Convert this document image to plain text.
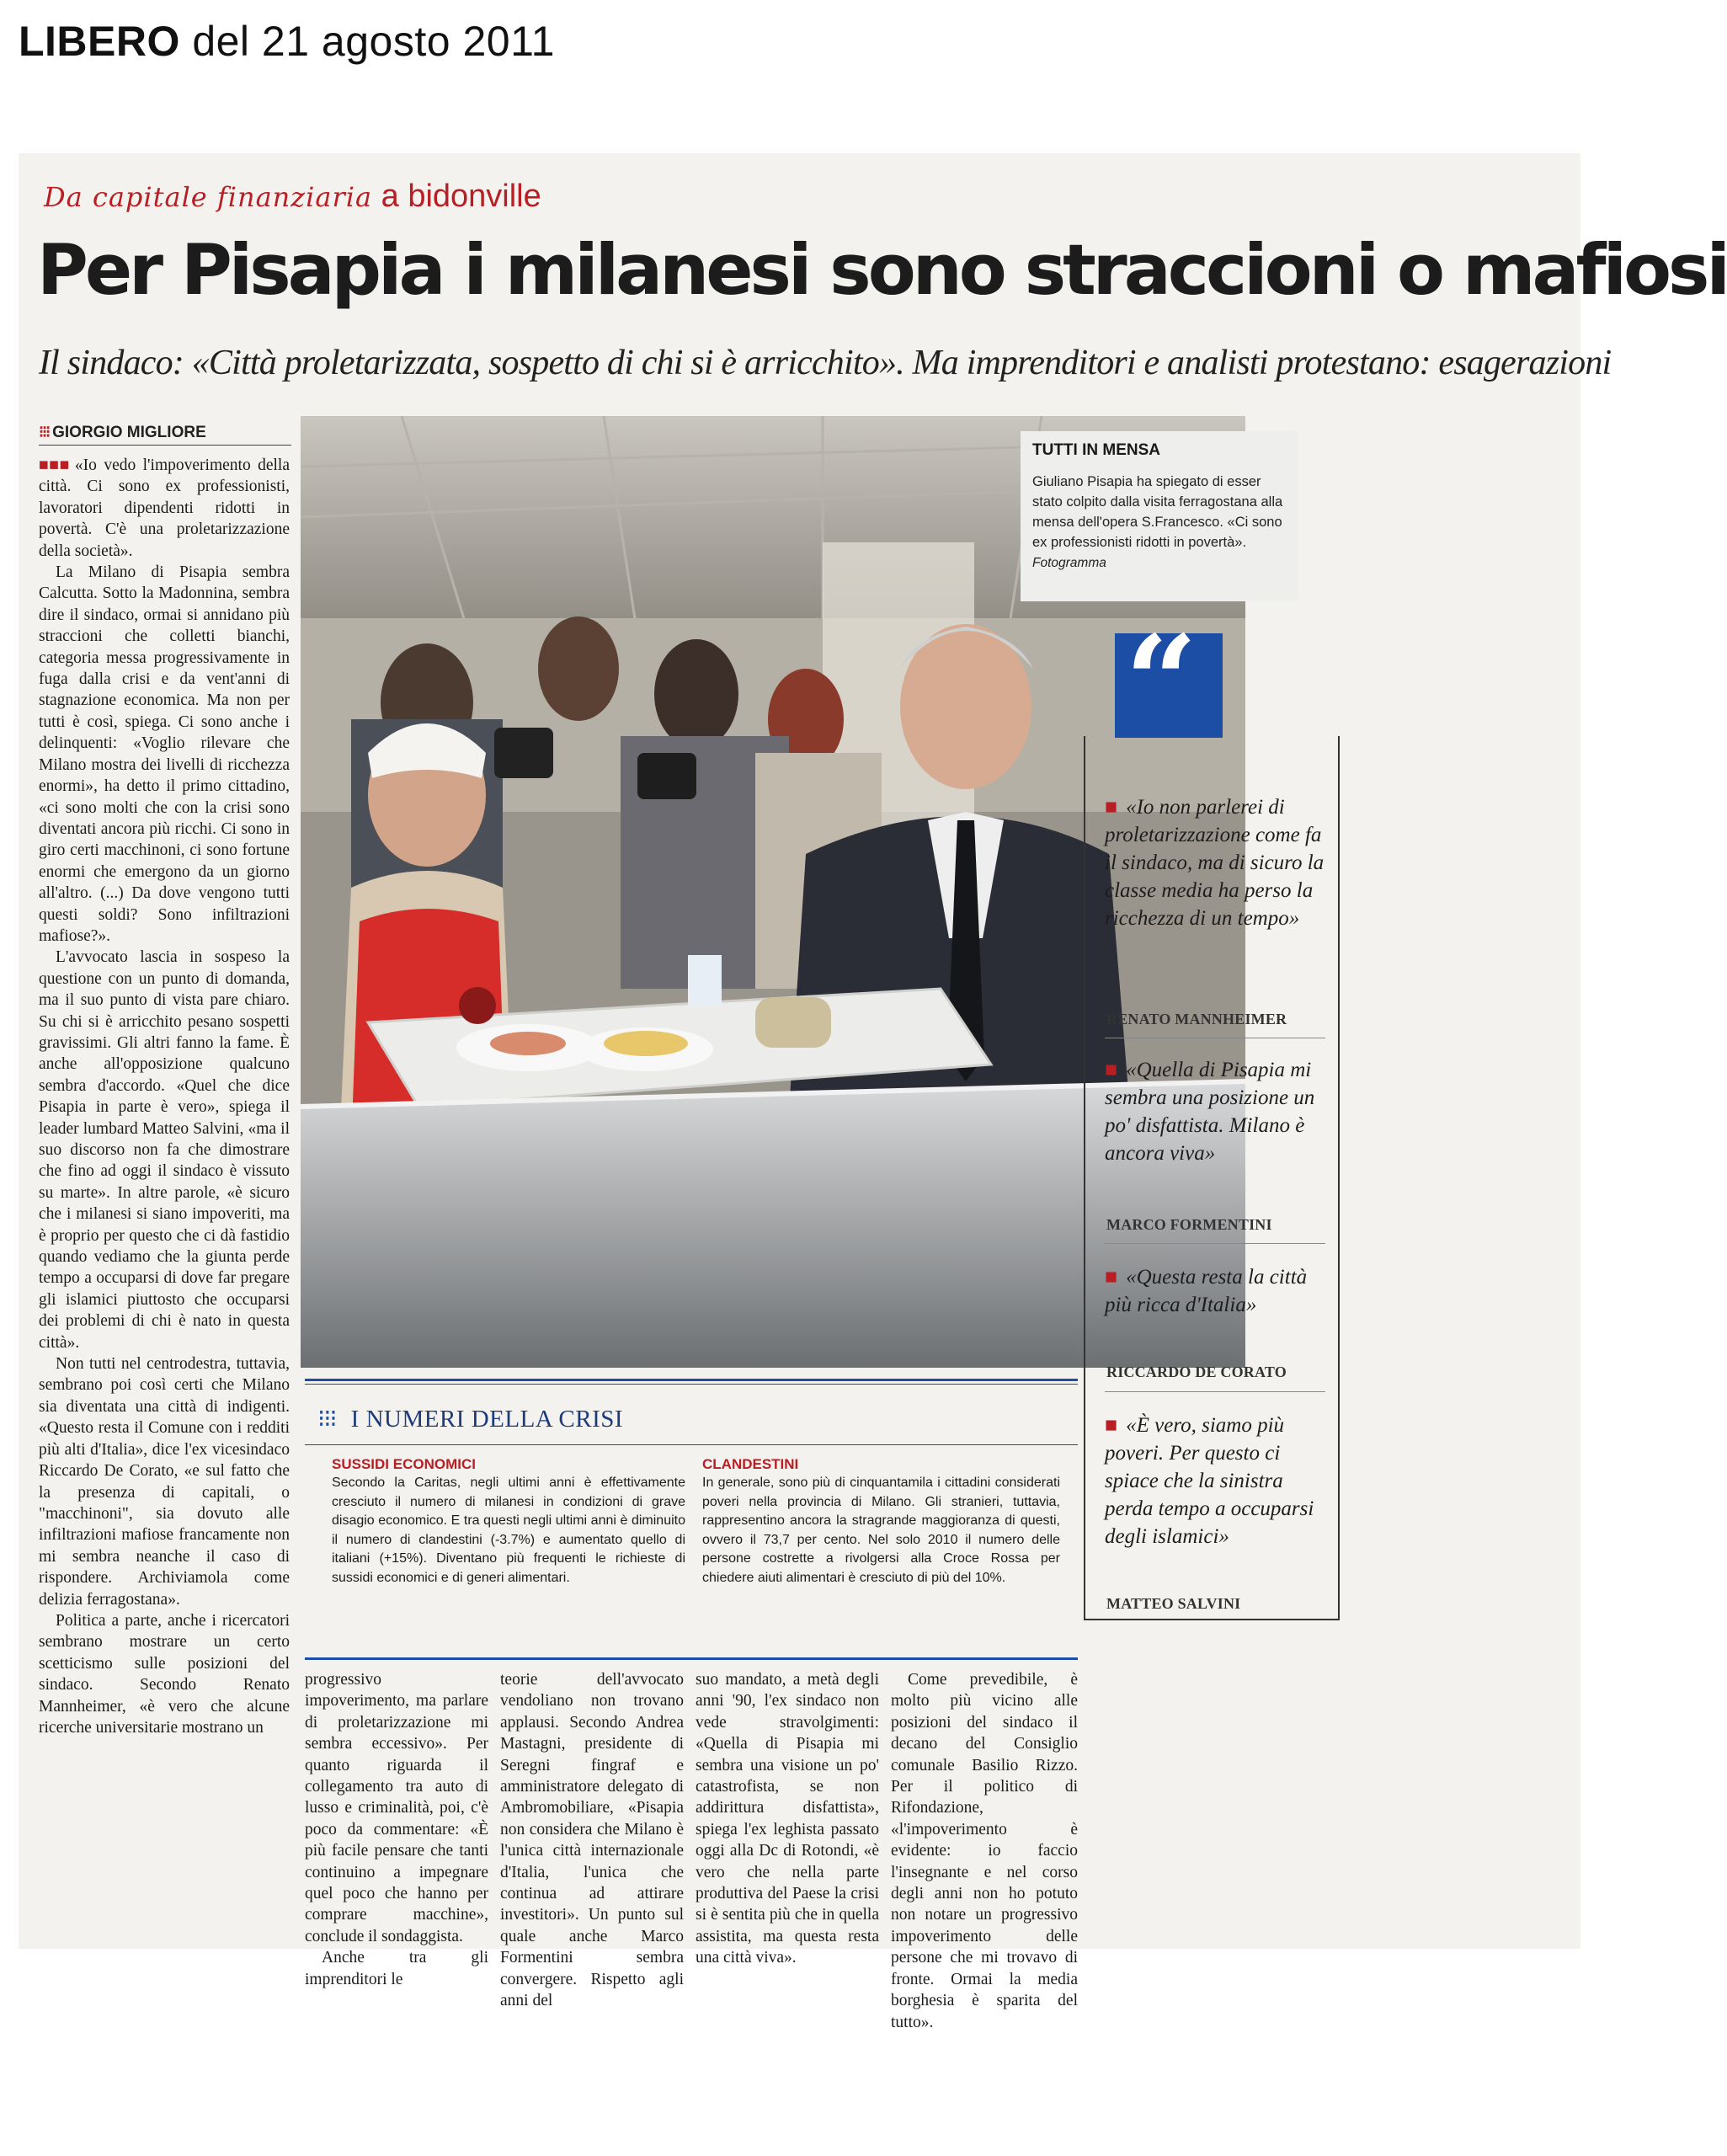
LIBERO del 21 agosto 2011
Da capitale finanziaria a bidonville
Per Pisapia i milanesi sono straccioni o mafiosi
Il sindaco: «Città proletarizzata, sospetto di chi si è arricchito». Ma imprenditori e analisti protestano: esagerazioni
⁝⁝⁝ GIORGIO MIGLIORE

■■■ «Io vedo l'impoverimento della città. Ci sono ex professionisti, lavoratori dipendenti ridotti in povertà. C'è una proletarizzazione della società».

La Milano di Pisapia sembra Calcutta. Sotto la Madonnina, sembra dire il sindaco, ormai si annidano più straccioni che colletti bianchi, categoria messa progressivamente in fuga dalla crisi e da vent'anni di stagnazione economica. Ma non per tutti è così, spiega. Ci sono anche i delinquenti: «Voglio rilevare che Milano mostra dei livelli di ricchezza enormi», ha detto il primo cittadino, «ci sono molti che con la crisi sono diventati ancora più ricchi. Ci sono in giro certi macchinoni, ci sono fortune enormi che emergono da un giorno all'altro. (...) Da dove vengono tutti questi soldi? Sono infiltrazioni mafiose?».

L'avvocato lascia in sospeso la questione con un punto di domanda, ma il suo punto di vista pare chiaro. Su chi si è arricchito pesano sospetti gravissimi. Gli altri fanno la fame. È anche all'opposizione qualcuno sembra d'accordo. «Quel che dice Pisapia in parte è vero», spiega il leader lumbard Matteo Salvini, «ma il suo discorso non fa che dimostrare che fino ad oggi il sindaco è vissuto su marte». In altre parole, «è sicuro che i milanesi si siano impoveriti, ma è proprio per questo che ci dà fastidio quando vediamo che la giunta perde tempo a occuparsi di dove far pregare gli islamici piuttosto che occuparsi dei problemi di chi è nato in questa città».

Non tutti nel centrodestra, tuttavia, sembrano poi così certi che Milano sia diventata una città di indigenti. «Questo resta il Comune con i redditi più alti d'Italia», dice l'ex vicesindaco Riccardo De Corato, «e sul fatto che la presenza di capitali, o "macchinoni", sia dovuto alle infiltrazioni mafiose francamente non mi sembra neanche il caso di rispondere. Archiviamola come delizia ferragostana».

Politica a parte, anche i ricercatori sembrano mostrare un certo scetticismo sulle posizioni del sindaco. Secondo Renato Mannheimer, «è vero che alcune ricerche universitarie mostrano un

TUTTI IN MENSA
Giuliano Pisapia ha spiegato di esser stato colpito dalla visita ferragostana alla mensa dell'opera S.Francesco. «Ci sono ex professionisti ridotti in povertà». Fotogramma
“
■ «Io non parlerei di proletarizzazione come fa il sindaco, ma di sicuro la classe media ha perso la ricchezza di un tempo»
RENATO MANNHEIMER
■ «Quella di Pisapia mi sembra una posizione un po' disfattista. Milano è ancora viva»
MARCO FORMENTINI
■ «Questa resta la città più ricca d'Italia»
RICCARDO DE CORATO
■ «È vero, siamo più poveri. Per questo ci spiace che la sinistra perda tempo a occuparsi degli islamici»
MATTEO SALVINI
⁝⁝⁝ I NUMERI DELLA CRISI
SUSSIDI ECONOMICI
Secondo la Caritas, negli ultimi anni è effettivamente cresciuto il numero di milanesi in condizioni di grave disagio economico. E tra questi negli ultimi anni è diminuito il numero di clandestini (-3.7%) e aumentato quello di italiani (+15%). Diventano più frequenti le richieste di sussidi economici e di generi alimentari.
CLANDESTINI
In generale, sono più di cinquantamila i cittadini considerati poveri nella provincia di Milano. Gli stranieri, tuttavia, rappresentino ancora la stragrande maggioranza di questi, ovvero il 73,7 per cento. Nel solo 2010 il numero delle persone costrette a rivolgersi alla Croce Rossa per chiedere aiuti alimentari è cresciuto di più del 10%.

progressivo impoverimento, ma parlare di proletarizzazione mi sembra eccessivo». Per quanto riguarda il collegamento tra auto di lusso e criminalità, poi, c'è poco da commentare: «È più facile pensare che tanti continuino a impegnare quel poco che hanno per comprare macchine», conclude il sondaggista.

Anche tra gli imprenditori le

teorie dell'avvocato vendoliano non trovano applausi. Secondo Andrea Mastagni, presidente di Seregni fingraf e amministratore delegato di Ambromobiliare, «Pisapia non considera che Milano è l'unica città internazionale d'Italia, l'unica che continua ad attirare investitori». Un punto sul quale anche Marco Formentini sembra convergere. Rispetto agli anni del

suo mandato, a metà degli anni '90, l'ex sindaco non vede stravolgimenti: «Quella di Pisapia mi sembra una visione un po' catastrofista, se non addirittura disfattista», spiega l'ex leghista passato oggi alla Dc di Rotondi, «è vero che nella parte produttiva del Paese la crisi si è sentita più che in quella assistita, ma questa resta una città viva».

Come prevedibile, è molto più vicino alle posizioni del sindaco il decano del Consiglio comunale Basilio Rizzo. Per il politico di Rifondazione, «l'impoverimento è evidente: io faccio l'insegnante e nel corso degli anni non ho potuto non notare un progressivo impoverimento delle persone che mi trovavo di fronte. Ormai la media borghesia è sparita del tutto».
